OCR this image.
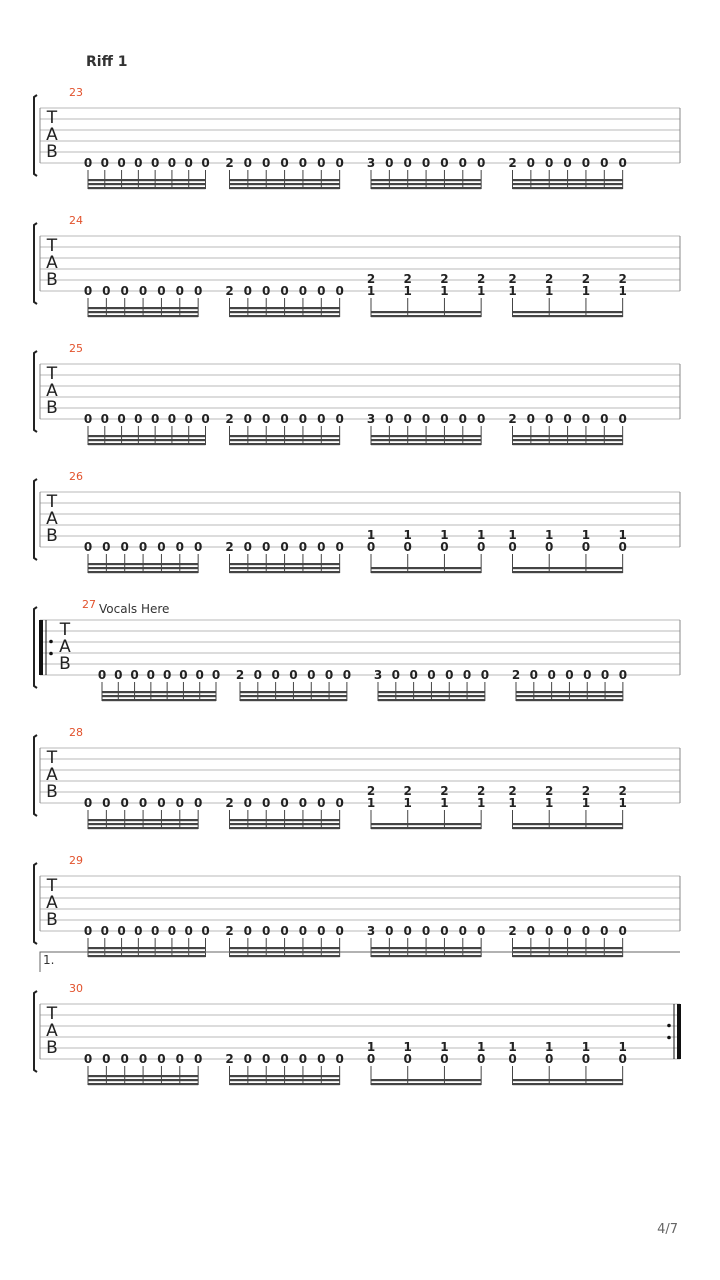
Riff 1
Vocals Here
4/7
T
A
B
23
0 0 0 0 0 0 0 0 2 0 0 0 0 0 0 3 0 0 0 0 0 0 2 0 0 0 0 0 0
T
A
B
24
0 0 0 0 0 0 0 2 0 0 0 0 0 0
2
1
2
1
2
1
2
1
2
1
2
1
2
1
2
1
T
A
B
25
0 0 0 0 0 0 0 0 2 0 0 0 0 0 0 3 0 0 0 0 0 0 2 0 0 0 0 0 0
T
A
B
26
0 0 0 0 0 0 0 2 0 0 0 0 0 0
1
0
1
0
1
0
1
0
1
0
1
0
1
0
1
0
T
A
B
27
0 0 0 0 0 0 0 0 2 0 0 0 0 0 0 3 0 0 0 0 0 0 2 0 0 0 0 0 0
T
A
B
28
0 0 0 0 0 0 0 2 0 0 0 0 0 0
2
1
2
1
2
1
2
1
2
1
2
1
2
1
2
1
T
A
B
29
0 0 0 0 0 0 0 0 2 0 0 0 0 0 0 3 0 0 0 0 0 0 2 0 0 0 0 0 0
1.
T
A
B
30
0 0 0 0 0 0 0 2 0 0 0 0 0 0
1
0
1
0
1
0
1
0
1
0
1
0
1
0
1
0
